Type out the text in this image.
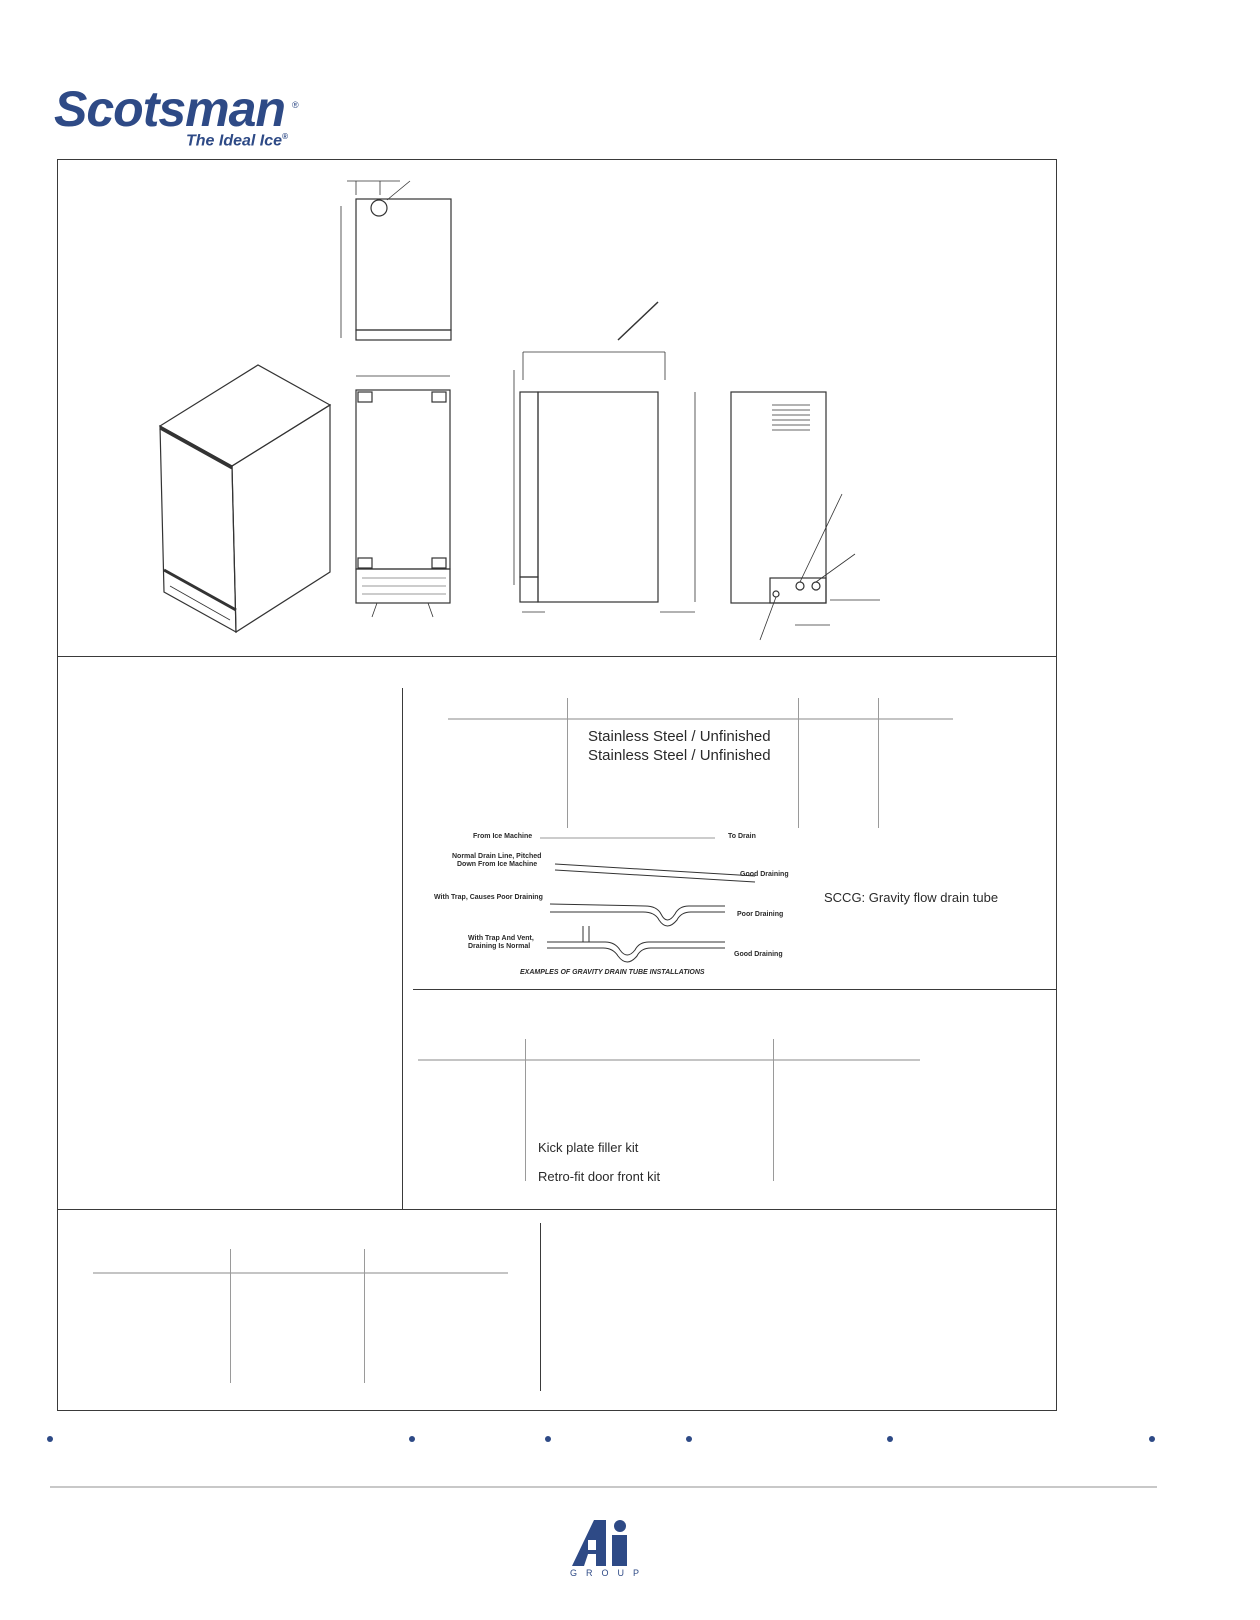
Scotsman ®
The Ideal Ice®
Stainless Steel / Unfinished
Stainless Steel / Unfinished
From Ice Machine	To Drain
Normal Drain Line, Pitched
Down From Ice Machine
Good Draining
With Trap, Causes Poor Draining
Poor Draining
With Trap And Vent,
Draining Is Normal
Good Draining
EXAMPLES OF GRAVITY DRAIN TUBE INSTALLATIONS
SCCG: Gravity flow drain tube
Kick plate filler kit
Retro-fit door front kit
GROUP
